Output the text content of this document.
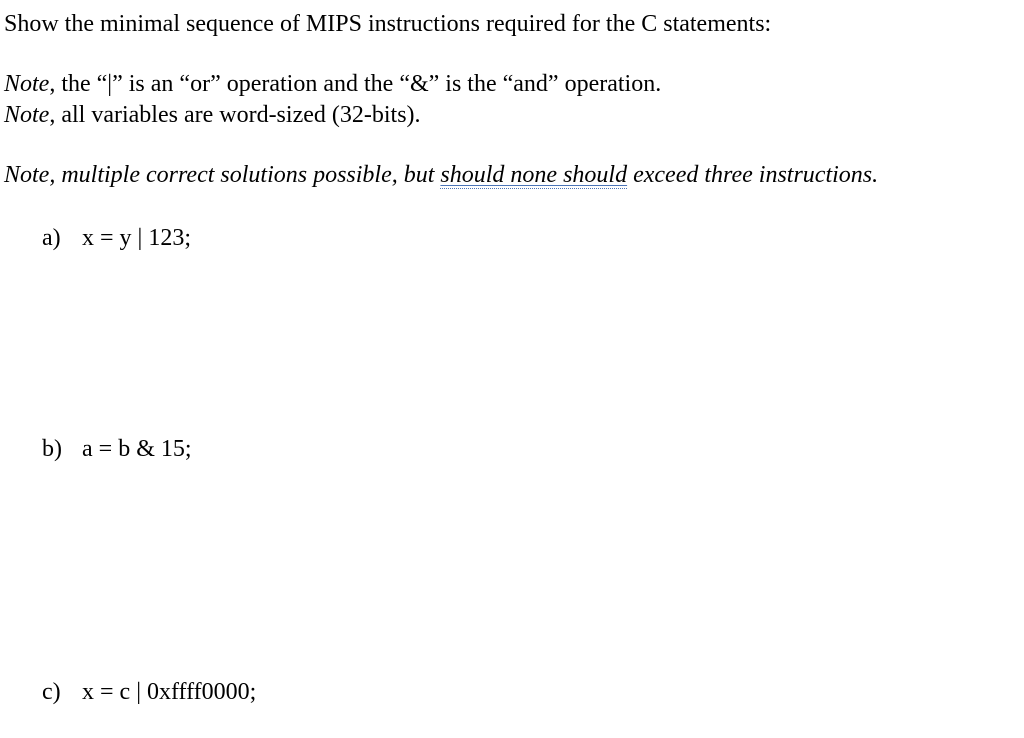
Show the minimal sequence of MIPS instructions required for the C statements:
Note, the “|” is an “or” operation and the “&” is the “and” operation.
Note, all variables are word-sized (32-bits).
Note, multiple correct solutions possible, but should none should exceed three instructions.
a) x = y | 123;
b) a = b & 15;
c) x = c | 0xffff0000;
